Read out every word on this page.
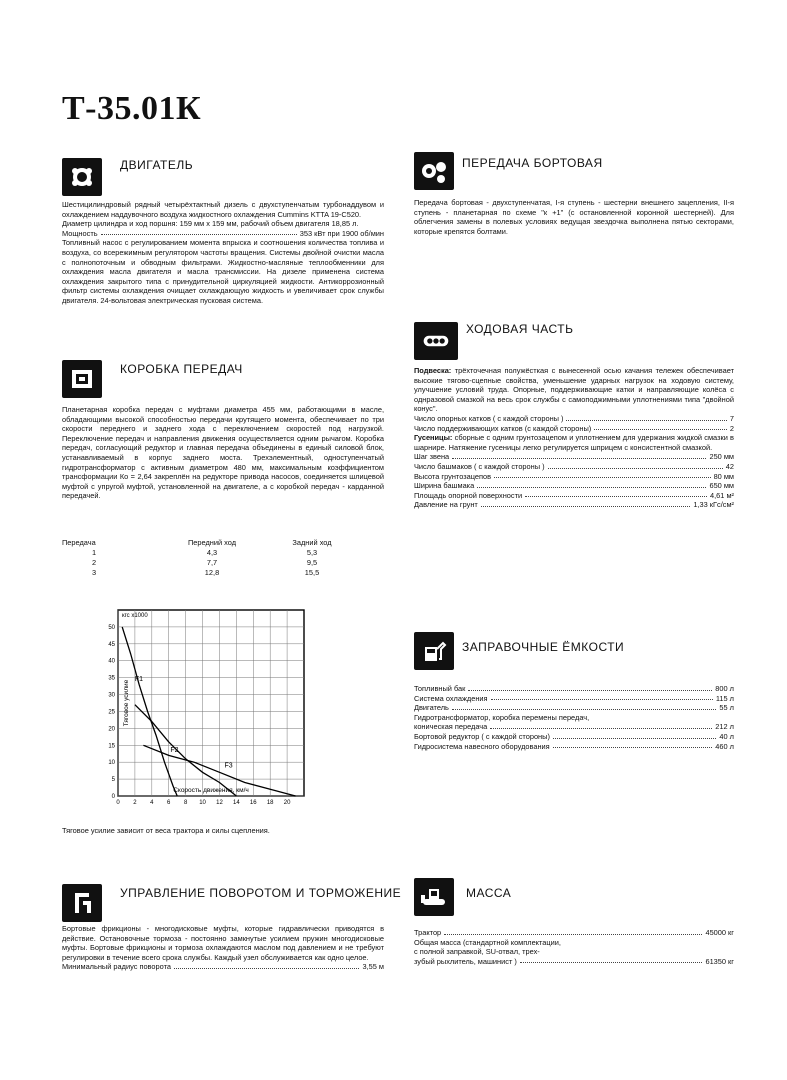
Т-35.01К
ДВИГАТЕЛЬ
Шестицилиндровый рядный четырёхтактный дизель с двухступенчатым турбонаддувом и охлаждением наддувочного воздуха жидкостного охлаждения Cummins KTTA 19-C520.
Диаметр цилиндра и ход поршня: 159 мм х 159 мм, рабочий объем двигателя 18,85 л.
Мощность	353 кВт при 1900 об/мин
Топливный насос с регулированием момента впрыска и соотношения количества топлива и воздуха, со всережимным регулятором частоты вращения. Системы двойной очистки масла с полнопоточным и обводным фильтрами. Жидкостно-масляные теплообменники для охлаждения масла двигателя и масла трансмиссии. На дизеле применена система охлаждения закрытого типа с принудительной циркуляцией жидкости. Антикоррозионный фильтр системы охлаждения очищает охлаждающую жидкость и увеличивает срок службы двигателя. 24-вольтовая электрическая пусковая система.
КОРОБКА ПЕРЕДАЧ
Планетарная коробка передач с муфтами диаметра 455 мм, работающими в масле, обладающими высокой способностью передачи крутящего момента, обеспечивает по три скорости переднего и заднего хода с переключением скоростей под нагрузкой. Переключение передач и направления движения осуществляется одним рычагом. Коробка передач, согласующий редуктор и главная передача объединены в единый силовой блок, устанавливаемый в корпус заднего моста. Трехэлементный, одноступенчатый гидротрансформатор с активным диаметром 480 мм, максимальным коэффициентом трансформации Ко = 2,64 закреплён на редукторе привода насосов, соединяется шлицевой муфтой с упругой муфтой, установленной на двигателе, а с коробкой передач - карданной передачей.
Передача	Передний ход	Задний ход
1	4,3	5,3
2	7,7	9,5
3	12,8	15,5
0 2 4 6 8 10 12 14 16 18 20
0
5
10
15
20
25
30
35
40
45
50
кгс х1000
Скорость движения, км/ч
Тяговое усилие
F1
F2
F3
Тяговое усилие зависит от веса трактора и силы сцепления.
УПРАВЛЕНИЕ ПОВОРОТОМ И ТОРМОЖЕНИЕ
Бортовые фрикционы - многодисковые муфты, которые гидравлически приводятся в действие. Остановочные тормоза - постоянно замкнутые усилием пружин многодисковые муфты. Бортовые фрикционы и тормоза охлаждаются маслом под давлением и не требуют регулировки в течение всего срока службы. Каждый узел обслуживается как одно целое.
Минимальный радиус поворота	3,55 м
ПЕРЕДАЧА БОРТОВАЯ
Передача бортовая - двухступенчатая, I-я ступень - шестерни внешнего зацепления, II-я ступень - планетарная по схеме "к +1" (с остановленной коронной шестерней). Для облегчения замены в полевых условиях ведущая звездочка выполнена пятью секторами, которые крепятся болтами.
ХОДОВАЯ ЧАСТЬ
Подвеска: трёхточечная полужёсткая с вынесенной осью качания тележек обеспечивает высокие тягово-сцепные свойства, уменьшение ударных нагрузок на ходовую систему, улучшение условий труда. Опорные, поддерживающие катки и направляющие колёса с однразовой смазкой на весь срок службы с самоподжимными уплотнениями типа "двойной конус".
Число опорных катков ( с каждой стороны )	7
Число поддерживающих катков (с каждой стороны)	2
Гусеницы: сборные с одним грунтозацепом и уплотнением для удержания жидкой смазки в шарнире. Натяжение гусеницы легко регулируется шприцем с консистентной смазкой.
Шаг звена	250 мм
Число башмаков ( с каждой стороны )	42
Высота грунтозацепов	80 мм
Ширина башмака	650 мм
Площадь опорной поверхности	4,61 м²
Давление на грунт	1,33 кГс/см²
ЗАПРАВОЧНЫЕ ЁМКОСТИ
Топливный бак	800 л
Система охлаждения	115 л
Двигатель	55 л
Гидротрансформатор, коробка перемены передач,
коническая передача	212 л
Бортовой редуктор ( с каждой стороны)	40 л
Гидросистема навесного оборудования	460 л
МАССА
Трактор	45000 кг
Общая масса (стандартной комплектации,
с полной заправкой, SU-отвал, трех-
зубый рыхлитель, машинист )	61350 кг
